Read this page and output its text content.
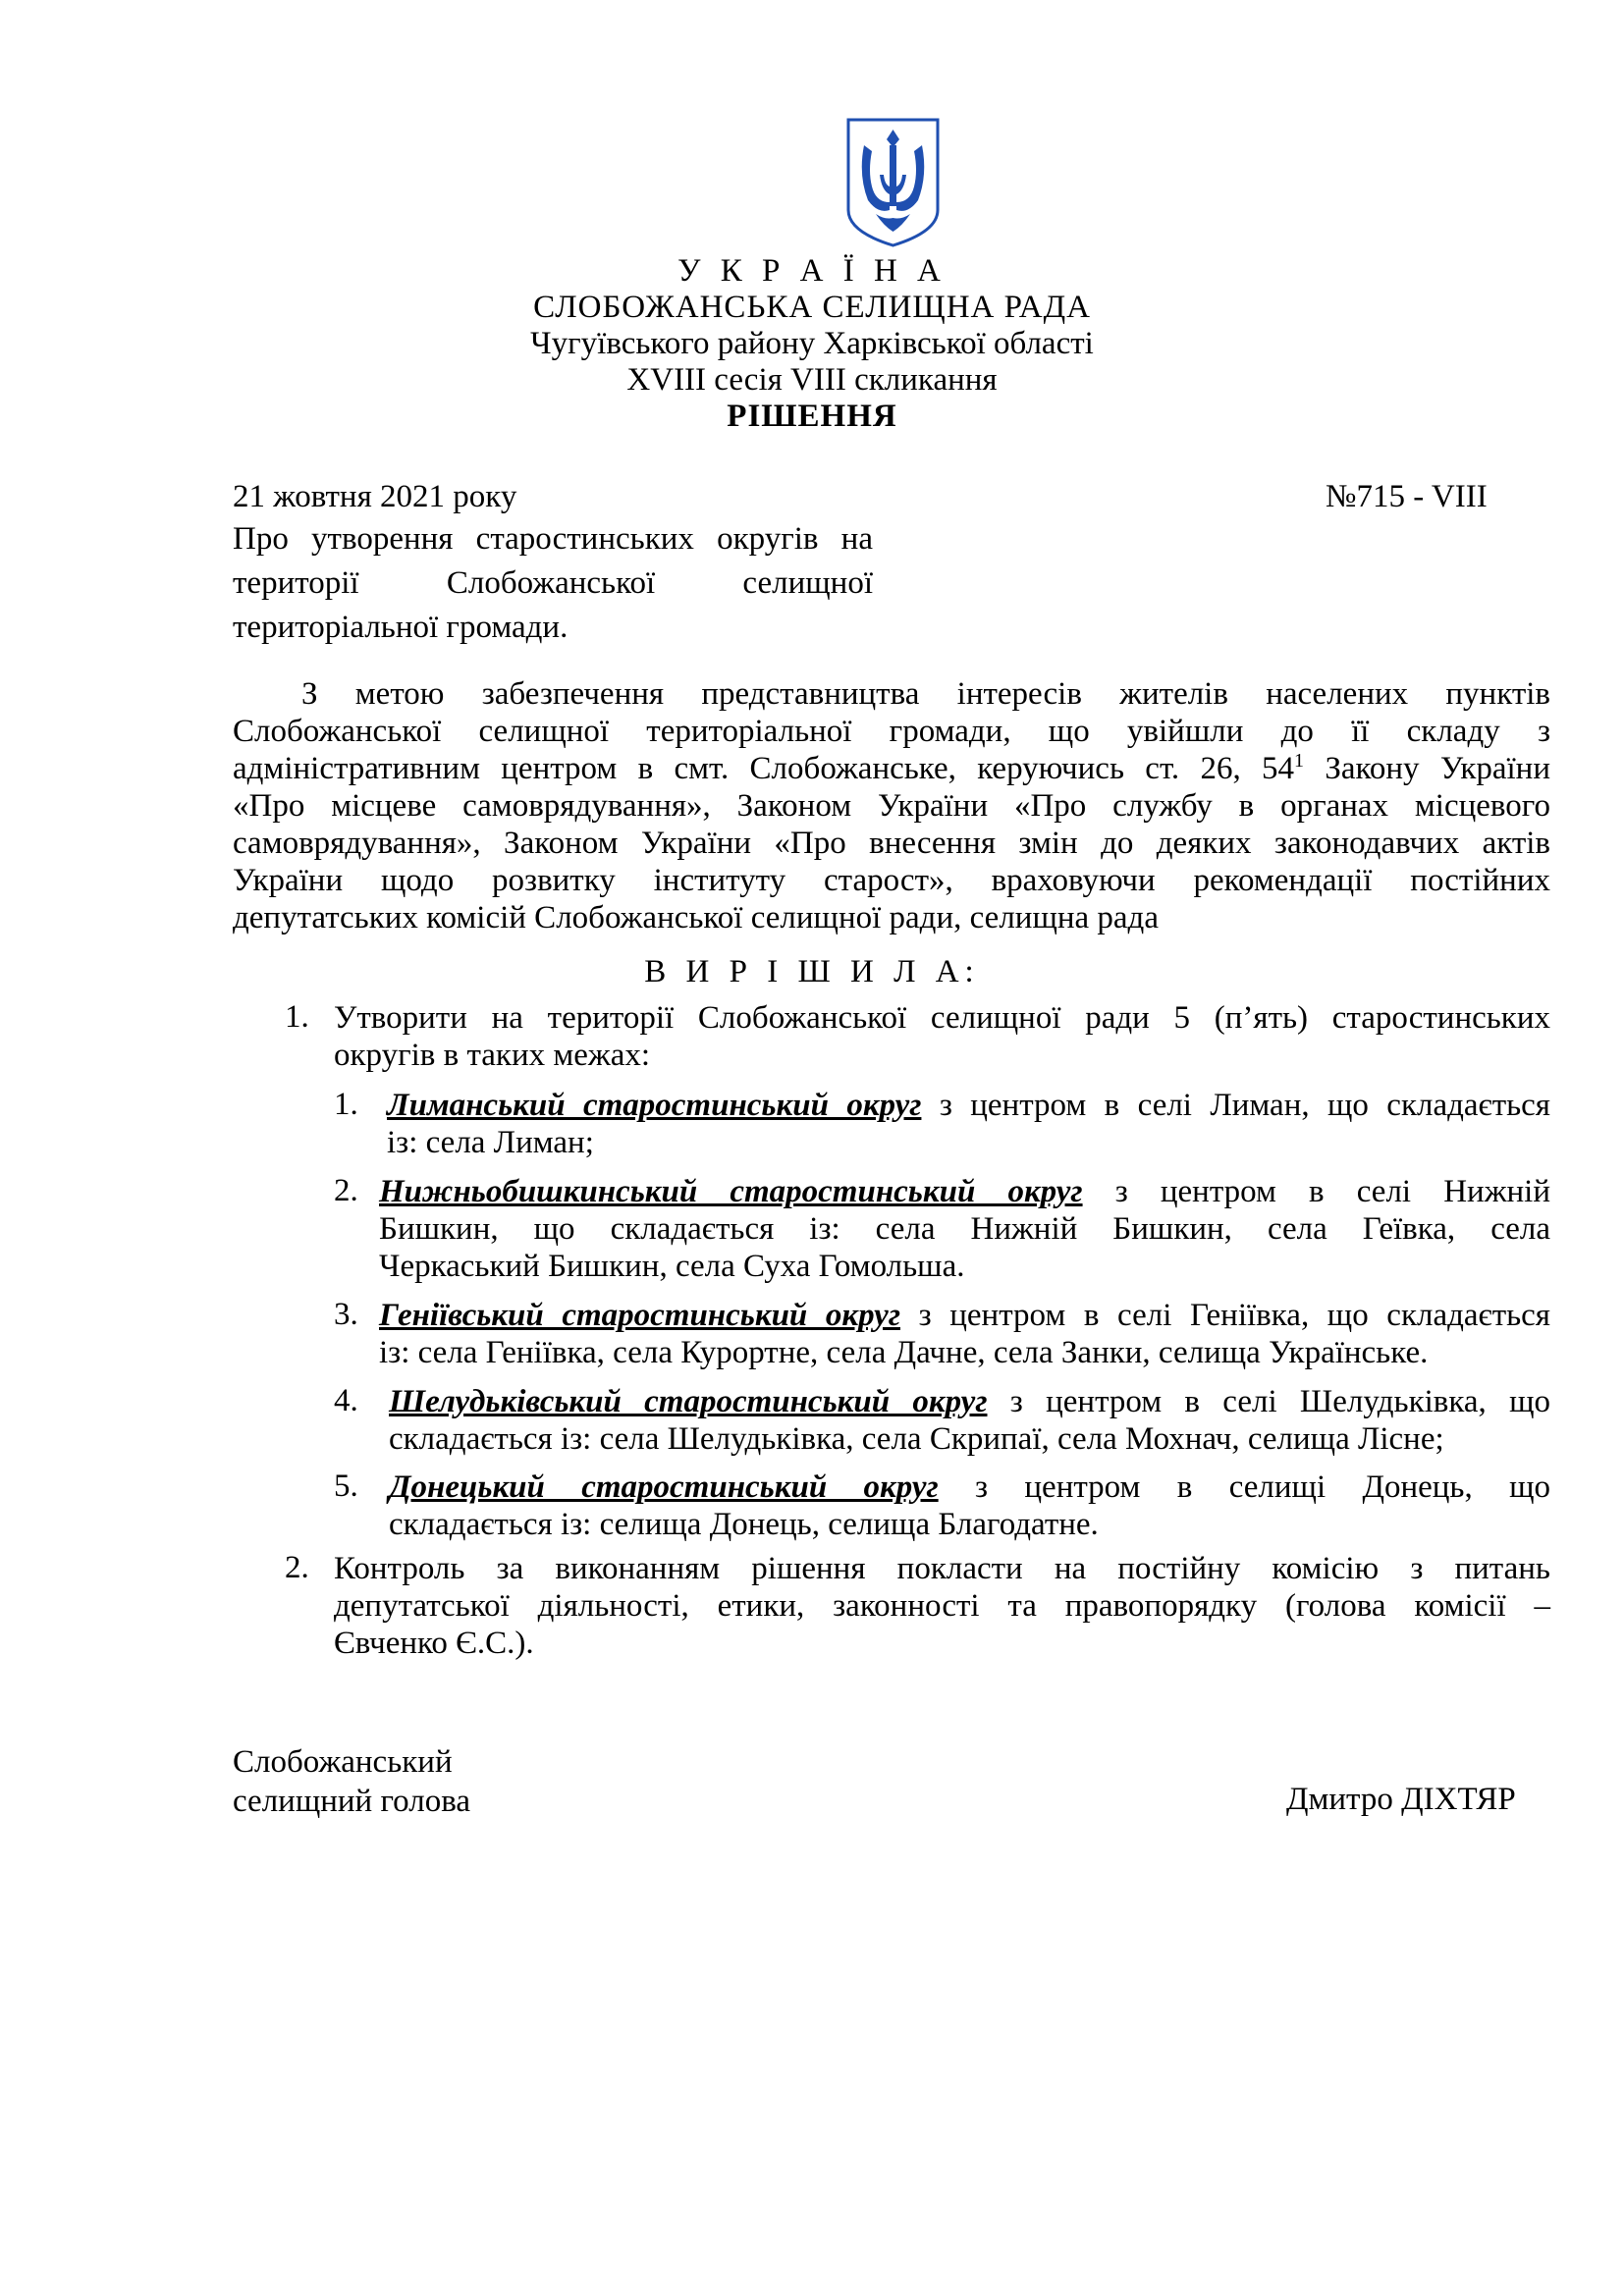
У К Р А Ї Н А
СЛОБОЖАНСЬКА СЕЛИЩНА РАДА
Чугуївського району Харківської області
XVIII сесія VIII скликання
РІШЕННЯ
21 жовтня 2021 року	№715 - VIII
Про утворення старостинських округів на
території Слобожанської селищної
територіальної громади.
З метою забезпечення представництва інтересів жителів населених пунктів
Слобожанської селищної територіальної громади, що увійшли до її складу з
адміністративним центром в смт. Слобожанське, керуючись ст. 26, $54^1$ Закону України
«Про місцеве самоврядування», Законом України «Про службу в органах місцевого
самоврядування», Законом України «Про внесення змін до деяких законодавчих актів
України щодо розвитку інституту старост», враховуючи рекомендації постійних
депутатських комісій Слобожанської селищної ради, селищна рада
В И Р І Ш И Л А:
1. Утворити на території Слобожанської селищної ради 5 (п’ять) старостинських
округів в таких межах:
1. Лиманський старостинський округ з центром в селі Лиман, що складається
із: села Лиман;
2. Нижньобишкинський старостинський округ з центром в селі Нижній
Бишкин, що складається із: села Нижній Бишкин, села Геївка, села
Черкаський Бишкин, села Суха Гомольша.
3. Геніївський старостинський округ з центром в селі Геніївка, що складається
із: села Геніївка, села Курортне, села Дачне, села Занки, селища Українське.
4. Шелудьківський старостинський округ з центром в селі Шелудьківка, що
складається із: села Шелудьківка, села Скрипаї, села Мохнач, селища Лісне;
5. Донецький старостинський округ з центром в селищі Донець, що
складається із: селища Донець, селища Благодатне.
2. Контроль за виконанням рішення покласти на постійну комісію з питань
депутатської діяльності, етики, законності та правопорядку (голова комісії –
Євченко Є.С.).
Слобожанський
селищний голова	Дмитро ДІХТЯР
